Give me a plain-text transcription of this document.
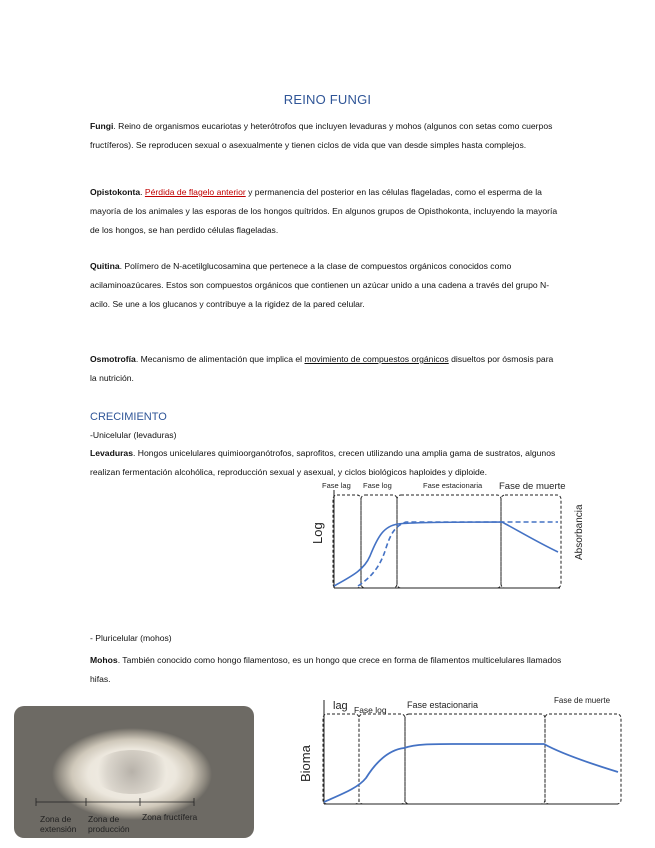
REINO FUNGI

Fungi. Reino de organismos eucariotas y heterótrofos que incluyen levaduras y mohos (algunos con setas como cuerpos fructíferos). Se reproducen sexual o asexualmente y tienen ciclos de vida que van desde simples hasta complejos.

Opistokonta. Pérdida de flagelo anterior y permanencia del posterior en las células flageladas, como el esperma de la mayoría de los animales y las esporas de los hongos quítridos. En algunos grupos de Opisthokonta, incluyendo la mayoría de los hongos, se han perdido células flageladas.

Quitina. Polímero de N-acetilglucosamina que pertenece a la clase de compuestos orgánicos conocidos como acilaminoazúcares. Estos son compuestos orgánicos que contienen un azúcar unido a una cadena a través del grupo N-acilo. Se une a los glucanos y contribuye a la rigidez de la pared celular.

Osmotrofía. Mecanismo de alimentación que implica el movimiento de compuestos orgánicos disueltos por ósmosis para la nutrición.

CRECIMIENTO
-Unicelular (levaduras)

Levaduras. Hongos unicelulares quimioorganótrofos, saprofitos, crecen utilizando una amplia gama de sustratos, algunos realizan fermentación alcohólica, reproducción sexual y asexual, y ciclos biológicos haploides y diploide.

Fase lag Fase log	Fase estacionaria Fase de muerte
Log	Absorbancia
- Pluricelular (mohos)

Mohos. También conocido como hongo filamentoso, es un hongo que crece en forma de filamentos multicelulares llamados hifas.

Zona de extensión
Zona de producción
Zona fructífera
lag Fase log Fase estacionaria	Fase de muerte
Bioma
